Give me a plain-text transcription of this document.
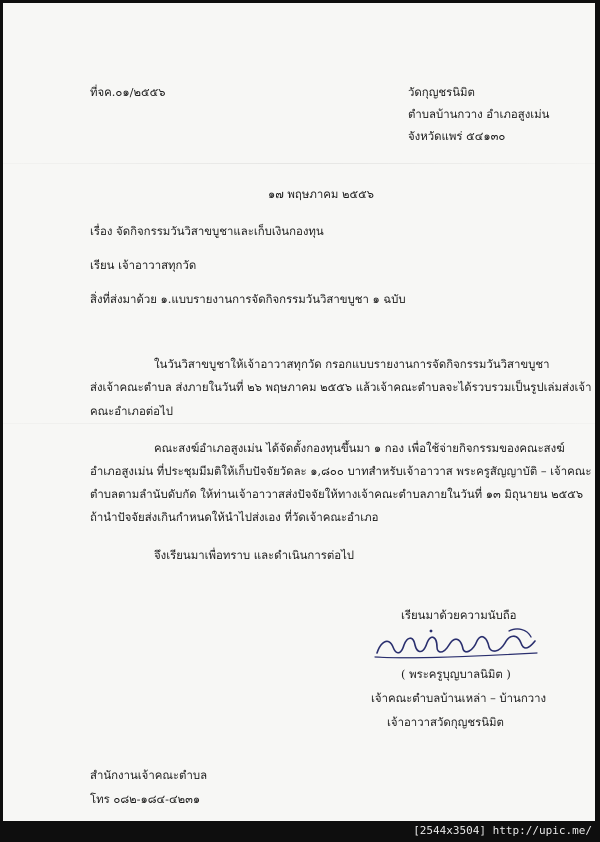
ที่จค.๐๑/๒๕๕๖	วัดกุญชรนิมิต
ตำบลบ้านกวาง อำเภอสูงเม่น
จังหวัดแพร่ ๕๔๑๓๐
๑๗ พฤษภาคม ๒๕๕๖
เรื่อง จัดกิจกรรมวันวิสาขบูชาและเก็บเงินกองทุน
เรียน เจ้าอาวาสทุกวัด
สิ่งที่ส่งมาด้วย ๑.แบบรายงานการจัดกิจกรรมวันวิสาขบูชา ๑ ฉบับ
ในวันวิสาขบูชาให้เจ้าอาวาสทุกวัด กรอกแบบรายงานการจัดกิจกรรมวันวิสาขบูชา
ส่งเจ้าคณะตำบล ส่งภายในวันที่ ๒๖ พฤษภาคม ๒๕๕๖ แล้วเจ้าคณะตำบลจะได้รวบรวมเป็นรูปเล่มส่งเจ้า
คณะอำเภอต่อไป
คณะสงฆ์อำเภอสูงเม่น ได้จัดตั้งกองทุนขึ้นมา ๑ กอง เพื่อใช้จ่ายกิจกรรมของคณะสงฆ์
อำเภอสูงเม่น ที่ประชุมมีมติให้เก็บปัจจัยวัดละ ๑,๘๐๐ บาทสำหรับเจ้าอาวาส พระครูสัญญาบัติ – เจ้าคณะ
ตำบลตามลำนับดับกัด ให้ท่านเจ้าอาวาสส่งปัจจัยให้ทางเจ้าคณะตำบลภายในวันที่ ๑๓ มิถุนายน ๒๕๕๖
ถ้านำปัจจัยส่งเกินกำหนดให้นำไปส่งเอง ที่วัดเจ้าคณะอำเภอ
จึงเรียนมาเพื่อทราบ และดำเนินการต่อไป
เรียนมาด้วยความนับถือ
( พระครูบุญบาลนิมิต )
เจ้าคณะตำบลบ้านเหล่า – บ้านกวาง
เจ้าอาวาสวัดกุญชรนิมิต
สำนักงานเจ้าคณะตำบล
โทร ๐๘๒-๑๘๔-๔๒๓๑
[2544x3504] http://upic.me/
